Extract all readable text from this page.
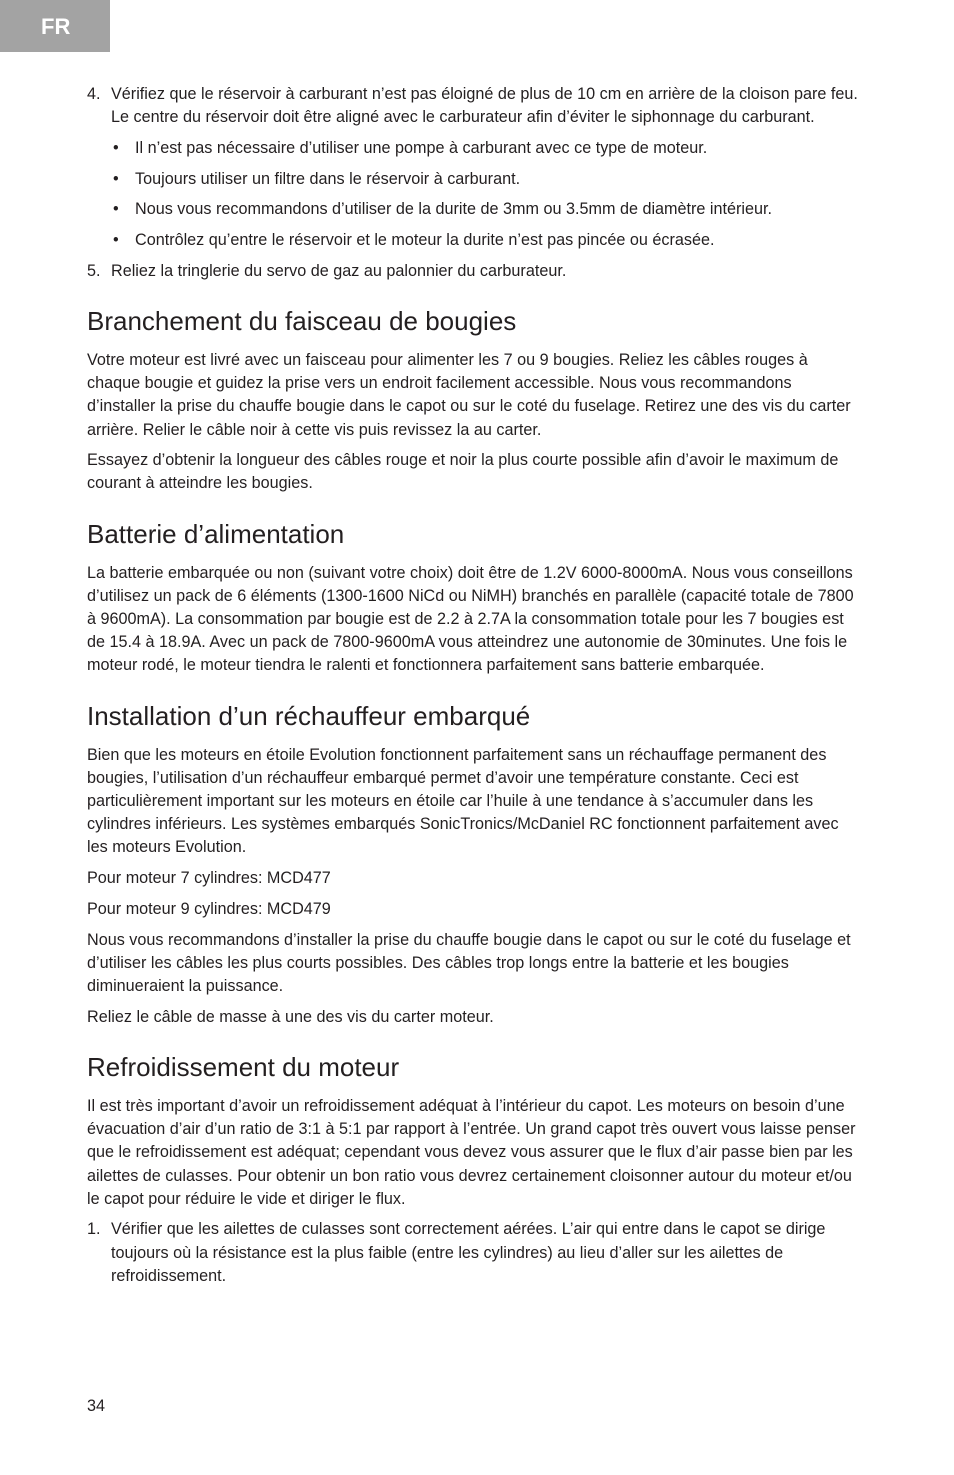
FR
4. Vérifiez que le réservoir à carburant n’est pas éloigné de plus de 10 cm en arrière de la cloison pare feu. Le centre du réservoir doit être aligné avec le carburateur afin d’éviter le siphonnage du carburant.
• Il n’est pas nécessaire d’utiliser une pompe à carburant avec ce type de moteur.
• Toujours utiliser un filtre dans le réservoir à carburant.
• Nous vous recommandons d’utiliser de la durite de 3mm ou 3.5mm de diamètre intérieur.
• Contrôlez qu’entre le réservoir et le moteur la durite n’est pas pincée ou écrasée.
5. Reliez la tringlerie du servo de gaz au palonnier du carburateur.
Branchement du faisceau de bougies

Votre moteur est livré avec un faisceau pour alimenter les 7 ou 9 bougies. Reliez les câbles rouges à chaque bougie et guidez la prise vers un endroit facilement accessible. Nous vous recommandons d’installer la prise du chauffe bougie dans le capot ou sur le coté du fuselage. Retirez une des vis du carter arrière. Relier le câble noir à cette vis puis revissez la au carter.

Essayez d’obtenir la longueur des câbles rouge et noir la plus courte possible afin d’avoir le maximum de courant à atteindre les bougies.

Batterie d’alimentation

La batterie embarquée ou non (suivant votre choix) doit être de 1.2V 6000-8000mA. Nous vous conseillons d’utilisez un pack de 6 éléments (1300-1600 NiCd ou NiMH) branchés en parallèle (capacité totale de 7800 à 9600mA). La consommation par bougie est de 2.2 à 2.7A la consommation totale pour les 7 bougies est de 15.4 à 18.9A. Avec un pack de 7800-9600mA vous atteindrez une autonomie de 30minutes. Une fois le moteur rodé, le moteur tiendra le ralenti et fonctionnera parfaitement sans batterie embarquée.

Installation d’un réchauffeur embarqué

Bien que les moteurs en étoile Evolution fonctionnent parfaitement sans un réchauffage permanent des bougies, l’utilisation d’un réchauffeur embarqué permet d’avoir une température constante. Ceci est particulièrement important sur les moteurs en étoile car l’huile à une tendance à s’accumuler dans les cylindres inférieurs. Les systèmes embarqués SonicTronics/McDaniel RC fonctionnent parfaitement avec les moteurs Evolution.

Pour moteur 7 cylindres: MCD477

Pour moteur 9 cylindres: MCD479

Nous vous recommandons d’installer la prise du chauffe bougie dans le capot ou sur le coté du fuselage et d’utiliser les câbles les plus courts possibles. Des câbles trop longs entre la batterie et les bougies diminueraient la puissance.

Reliez le câble de masse à une des vis du carter moteur.

Refroidissement du moteur

Il est très important d’avoir un refroidissement adéquat à l’intérieur du capot. Les moteurs on besoin d’une évacuation d’air d’un ratio de 3:1 à 5:1 par rapport à l’entrée. Un grand capot très ouvert vous laisse penser que le refroidissement est adéquat; cependant vous devez vous assurer que le flux d’air passe bien par les ailettes de culasses. Pour obtenir un bon ratio vous devrez certainement cloisonner autour du moteur et/ou le capot pour réduire le vide et diriger le flux.

1. Vérifier que les ailettes de culasses sont correctement aérées. L’air qui entre dans le capot se dirige toujours où la résistance est la plus faible (entre les cylindres) au lieu d’aller sur les ailettes de refroidissement.
34
